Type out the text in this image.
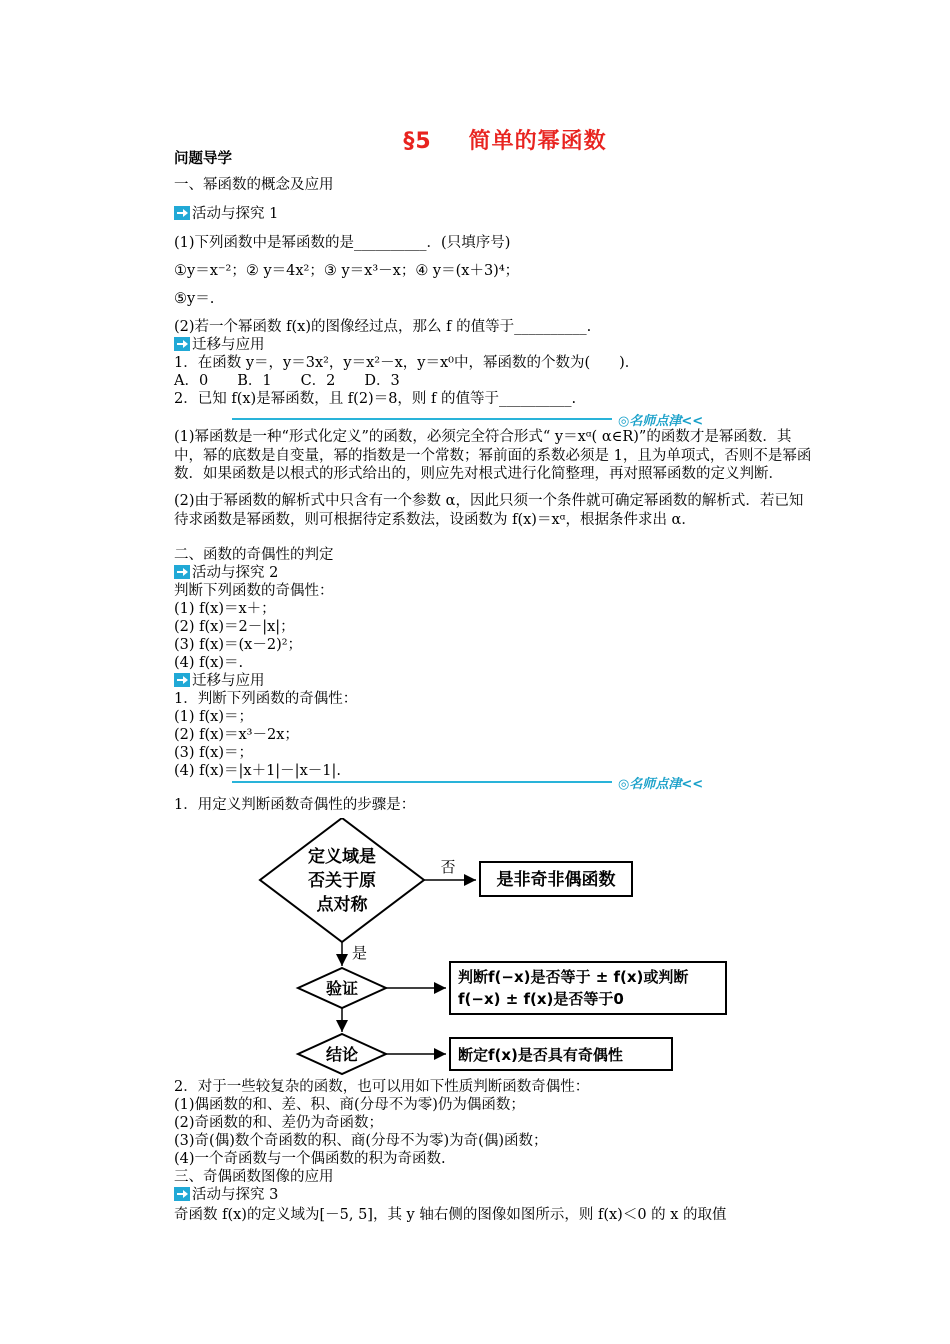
§5　 简单的幂函数
问题导学
一、幂函数的概念及应用
活动与探究 1
(1)下列函数中是幂函数的是__________．(只填序号)
①y＝x⁻²；② y＝4x²；③ y＝x³－x；④ y＝(x＋3)⁴；
⑤y＝.
(2)若一个幂函数 f(x)的图像经过点，那么 f 的值等于__________.
迁移与应用
1．在函数 y＝，y＝3x²，y＝x²－x，y＝x⁰中，幂函数的个数为(　　)．
A．0　　B．1　　C．2　　D．3
2．已知 f(x)是幂函数，且 f(2)＝8，则 f 的值等于__________.
◎名师点津<<
(1)幂函数是一种“形式化定义”的函数，必须完全符合形式“ y＝xᵅ( α∈R)”的函数才是幂函数．其中，幂的底数是自变量，幂的指数是一个常数；幂前面的系数必须是 1，且为单项式，否则不是幂函数．如果函数是以根式的形式给出的，则应先对根式进行化简整理，再对照幂函数的定义判断．
(2)由于幂函数的解析式中只含有一个参数 α，因此只须一个条件就可确定幂函数的解析式．若已知待求函数是幂函数，则可根据待定系数法，设函数为 f(x)＝xᵅ，根据条件求出 α．
二、函数的奇偶性的判定
活动与探究 2
判断下列函数的奇偶性：
(1) f(x)＝x＋；
(2) f(x)＝2－|x|；
(3) f(x)＝(x－2)²；
(4) f(x)＝.
迁移与应用
1．判断下列函数的奇偶性：
(1) f(x)＝；
(2) f(x)＝x³－2x；
(3) f(x)＝；
(4) f(x)＝|x＋1|－|x－1|.
◎名师点津<<
1．用定义判断函数奇偶性的步骤是：
定义域是
否关于原
点对称
否
是非奇非偶函数
是
验证
判断f(−x)是否等于 ± f(x)或判断
f(−x) ± f(x)是否等于0
结论	断定f(x)是否具有奇偶性
2．对于一些较复杂的函数，也可以用如下性质判断函数奇偶性：
(1)偶函数的和、差、积、商(分母不为零)仍为偶函数；
(2)奇函数的和、差仍为奇函数；
(3)奇(偶)数个奇函数的积、商(分母不为零)为奇(偶)函数；
(4)一个奇函数与一个偶函数的积为奇函数.
三、奇偶函数图像的应用
活动与探究 3
奇函数 f(x)的定义域为[－5, 5]，其 y 轴右侧的图像如图所示，则 f(x)＜0 的 x 的取值
